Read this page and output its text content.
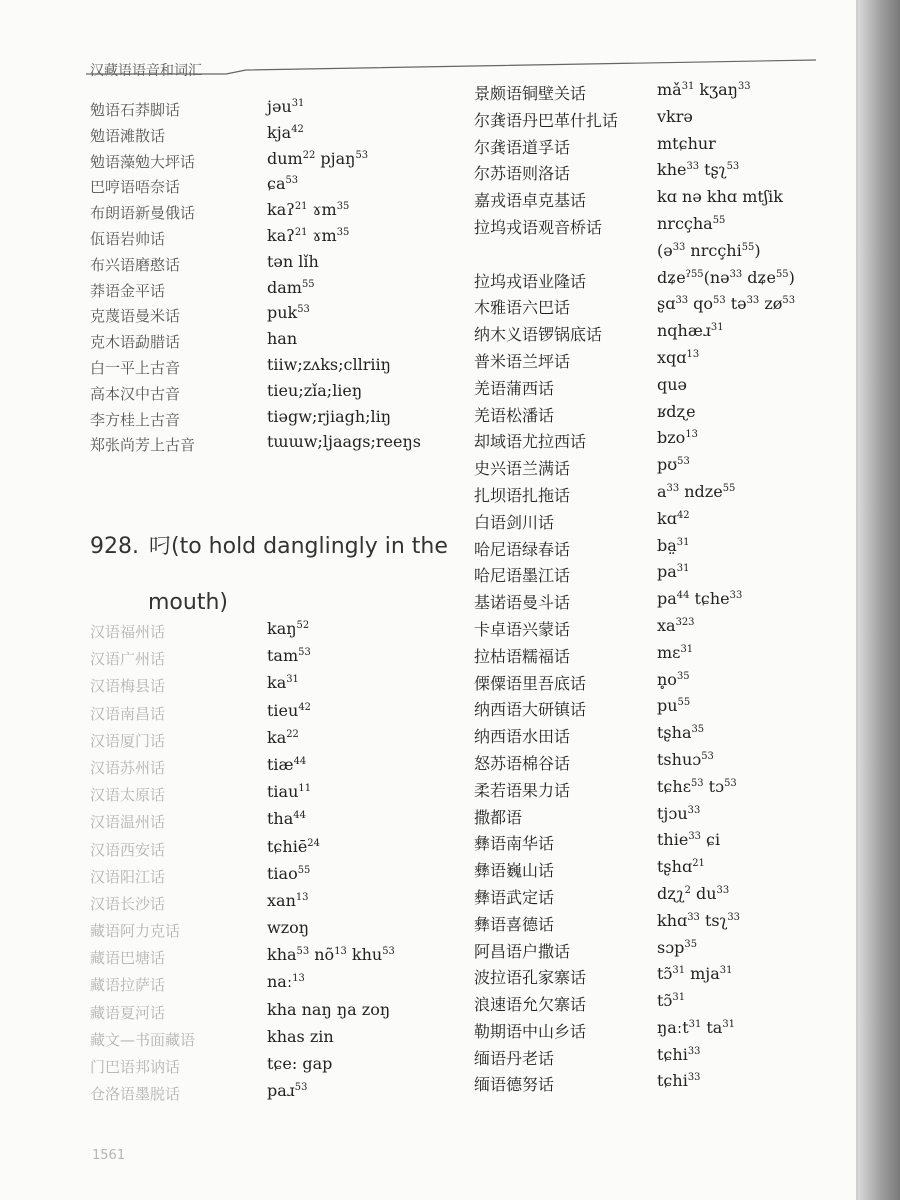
汉藏语语音和词汇
勉语石莽脚话	jəu$^{31}$
勉语滩散话	kja$^{42}$
勉语藻勉大坪话	dum$^{22}$ pjaŋ$^{53}$
巴哼语唔奈话	ɕa$^{53}$
布朗语新曼俄话	kaʔ$^{21}$ ɤm$^{35}$
佤语岩帅话	kaʔ$^{21}$ ɤm$^{35}$
布兴语磨憨话	tən lǐh
莽语金平话	dam$^{55}$
克蔑语曼米话	puk$^{53}$
克木语勐腊话	han
白一平上古音	tiiw;zʌks;cllriiŋ
高本汉中古音	tieu;zǐa;lieŋ
李方桂上古音	tiəgw;rjiagh;liŋ
郑张尚芳上古音	tɯɯw;ljaags;reeŋs
928. 叼(to hold danglingly in the
mouth)
汉语福州话	kaŋ$^{52}$
汉语广州话	tam$^{53}$
汉语梅县话	$ka^{31}$
汉语南昌话	tieu$^{42}$
汉语厦门话	$ka^{22}$
汉语苏州话	tiæ$^{44}$
汉语太原话	tiau$^{11}$
汉语温州话	tha$^{44}$
汉语西安话	tɕhiē$^{24}$
汉语阳江话	tiao$^{55}$
汉语长沙话	xan$^{13}$
藏语阿力克话	wzoŋ
藏语巴塘话	kha$^{53}$ $nõ^{13}$ khu$^{53}$
藏语拉萨话	naː$^{13}$
藏语夏河话	kha naŋ ŋa zoŋ
藏文—书面藏语	khas zin
门巴语邦讷话	tɕe: gap
仓洛语墨脱话	paɹ$^{53}$
景颇语铜壁关话	$mǎ^{31}$ kʒaŋ$^{33}$
尔龚语丹巴革什扎话 vkrə
尔龚语道孚话	mtɕhur
尔苏语则洛话	khe$^{33}$ tʂʅ$^{53}$
嘉戎语卓克基话	kɑ nə khɑ mtʃik
拉坞戎语观音桥话	nrcçha$^{55}$
(ə$^{33}$ nrcçhi$^{55}$)
拉坞戎语业隆话	dʑe$^{ʔ55}$(nə$^{33}$ dʑe$^{55}$)
木雅语六巴话	ʂɑ$^{33}$ $qo^{53}$ tə$^{33}$ $zø^{53}$
纳木义语锣锅底话	nqhæɹ$^{31}$
普米语兰坪话	xqɑ$^{13}$
羌语蒲西话	quə
羌语松潘话	ʁdʐe
却域语尤拉西话	bzo$^{13}$
史兴语兰满话	pʊ$^{53}$
扎坝语扎拖话	$a^{33}$ ndze$^{55}$
白语剑川话	kɑ$^{42}$
哈尼语绿春话	ba̤$^{31}$
哈尼语墨江话	$pa^{31}$
基诺语曼斗话	$pa^{44}$ tɕhe$^{33}$
卡卓语兴蒙话	$xa^{323}$
拉枯语糯福话	mɛ$^{31}$
傈僳语里吾底话	$n̥o^{35}$
纳西语大研镇话	$pu^{55}$
纳西语水田话	tʂha$^{35}$
怒苏语棉谷话	tshuɔ$^{53}$
柔若语果力话	tɕhɛ$^{53}$ tɔ$^{53}$
撒都语	tjɔu$^{33}$
彝语南华话	thie$^{33}$ ɕi
彝语巍山话	tʂhɑ$^{21}$
彝语武定话	dʐʅ$^2$ $du^{33}$
彝语喜德话	khɑ$^{33}$ tsʅ$^{33}$
阿昌语户撒话	sɔp$^{35}$
波拉语孔家寨话	tɔ̃$^{31}$ mja$^{31}$
浪速语允欠寨话	tɔ̃$^{31}$
勒期语中山乡话	ŋaːt$^{31}$ $ta^{31}$
缅语丹老话	tɕhi$^{33}$
缅语德努话	tɕhi$^{33}$
1561
